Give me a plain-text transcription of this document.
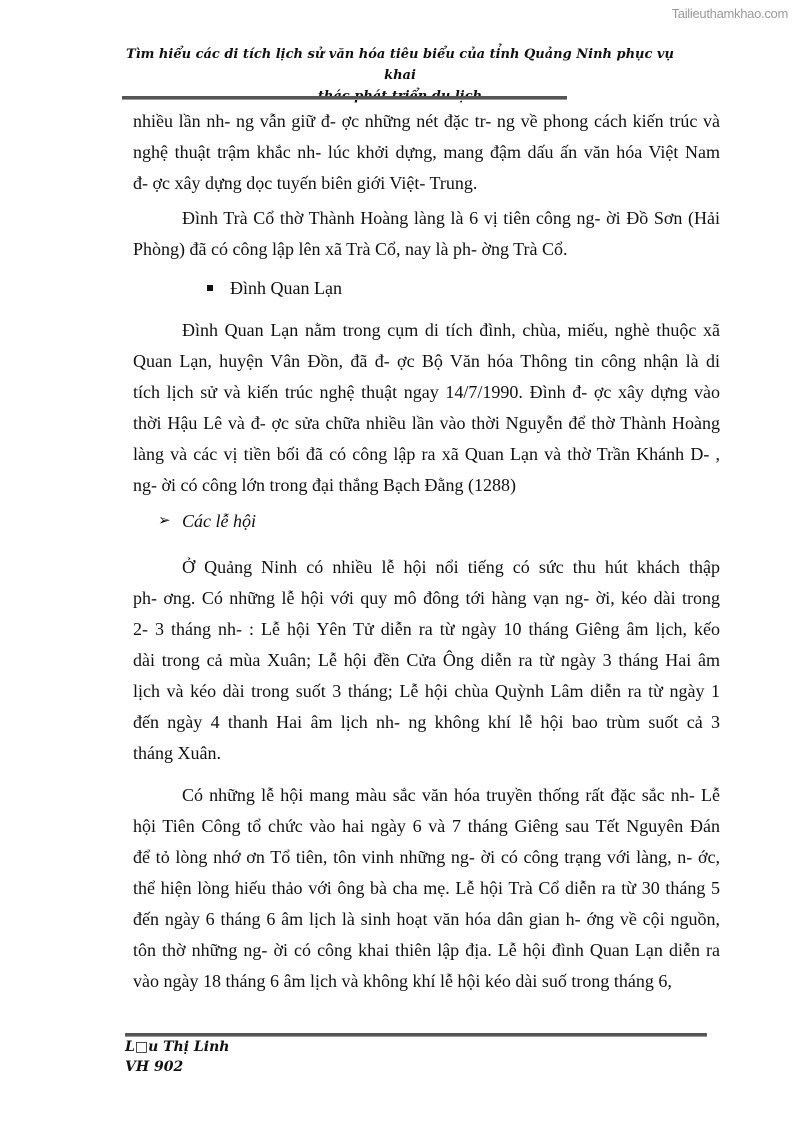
Tailieuthamkhao.com
Tìm hiểu các di tích lịch sử văn hóa tiêu biểu của tỉnh Quảng Ninh phục vụ khai
nhiều lần nh- ng vẫn giữ đ- ợc những nét đặc tr- ng về phong cách kiến trúc và
nghệ thuật trậm khắc nh- lúc khởi dựng, mang đậm dấu ấn văn hóa Việt Nam
đ- ợc xây dựng dọc tuyến biên giới Việt- Trung.
Đình Trà Cổ thờ Thành Hoàng làng là 6 vị tiên công ng- ời Đồ Sơn (Hải
Phòng) đã có công lập lên xã Trà Cổ, nay là ph- ờng Trà Cổ.
Đình Quan Lạn
Đình Quan Lạn nằm trong cụm di tích đình, chùa, miếu, nghè thuộc xã
Quan Lạn, huyện Vân Đồn, đã đ- ợc Bộ Văn hóa Thông tin công nhận là di
tích lịch sử và kiến trúc nghệ thuật ngay 14/7/1990. Đình đ- ợc xây dựng vào
thời Hậu Lê và đ- ợc sửa chữa nhiều lần vào thời Nguyễn để thờ Thành Hoàng
làng và các vị tiền bối đã có công lập ra xã Quan Lạn và thờ Trần Khánh D- ,
ng- ời có công lớn trong đại thắng Bạch Đằng (1288)
➢ Các lễ hội
Ở Quảng Ninh có nhiều lễ hội nổi tiếng có sức thu hút khách thập
ph- ơng. Có những lễ hội với quy mô đông tới hàng vạn ng- ời, kéo dài trong
2- 3 tháng nh- : Lễ hội Yên Tử diễn ra từ ngày 10 tháng Giêng âm lịch, kếo
dài trong cả mùa Xuân; Lễ hội đền Cửa Ông diễn ra từ ngày 3 tháng Hai âm
lịch và kéo dài trong suốt 3 tháng; Lễ hội chùa Quỳnh Lâm diễn ra từ ngày 1
đến ngày 4 thanh Hai âm lịch nh- ng không khí lễ hội bao trùm suốt cả 3
tháng Xuân.
Có những lễ hội mang màu sắc văn hóa truyền thống rất đặc sắc nh- Lễ
hội Tiên Công tổ chức vào hai ngày 6 và 7 tháng Giêng sau Tết Nguyên Đán
để tỏ lòng nhớ ơn Tổ tiên, tôn vinh những ng- ời có công trạng với làng, n- ớc,
thể hiện lòng hiếu thảo với ông bà cha mẹ. Lễ hội Trà Cổ diễn ra từ 30 tháng 5
đến ngày 6 tháng 6 âm lịch là sinh hoạt văn hóa dân gian h- ớng về cội nguồn,
tôn thờ những ng- ời có công khai thiên lập địa. Lễ hội đình Quan Lạn diễn ra
vào ngày 18 tháng 6 âm lịch và không khí lễ hội kéo dài suố trong tháng 6,
L□u Thị Linh
VH 902
